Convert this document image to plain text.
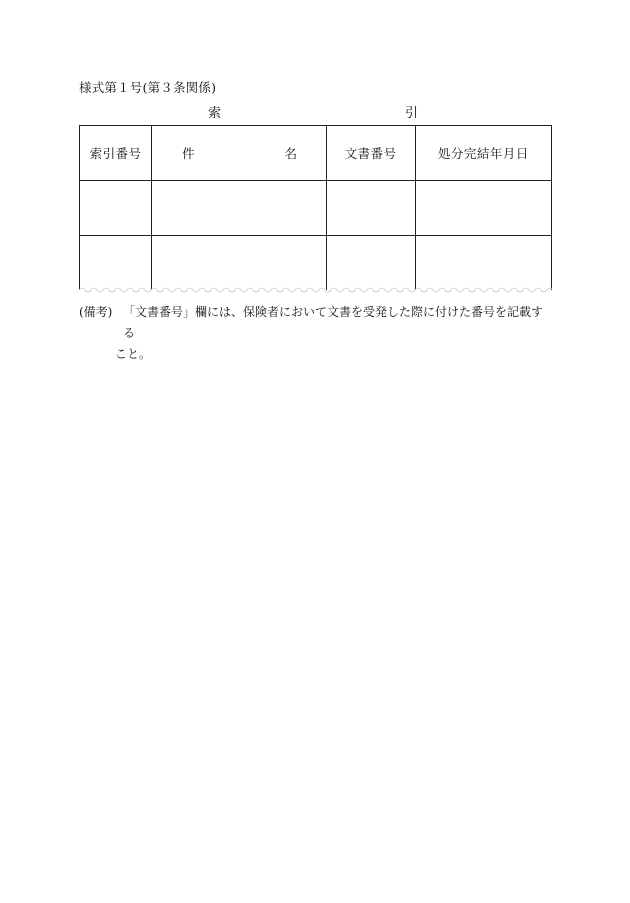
様式第１号(第３条関係)
索	引
索引番号	件 名	文書番号	処分完結年月日

(備考) 「文書番号」欄には、保険者において文書を受発した際に付けた番号を記載する
こと。
